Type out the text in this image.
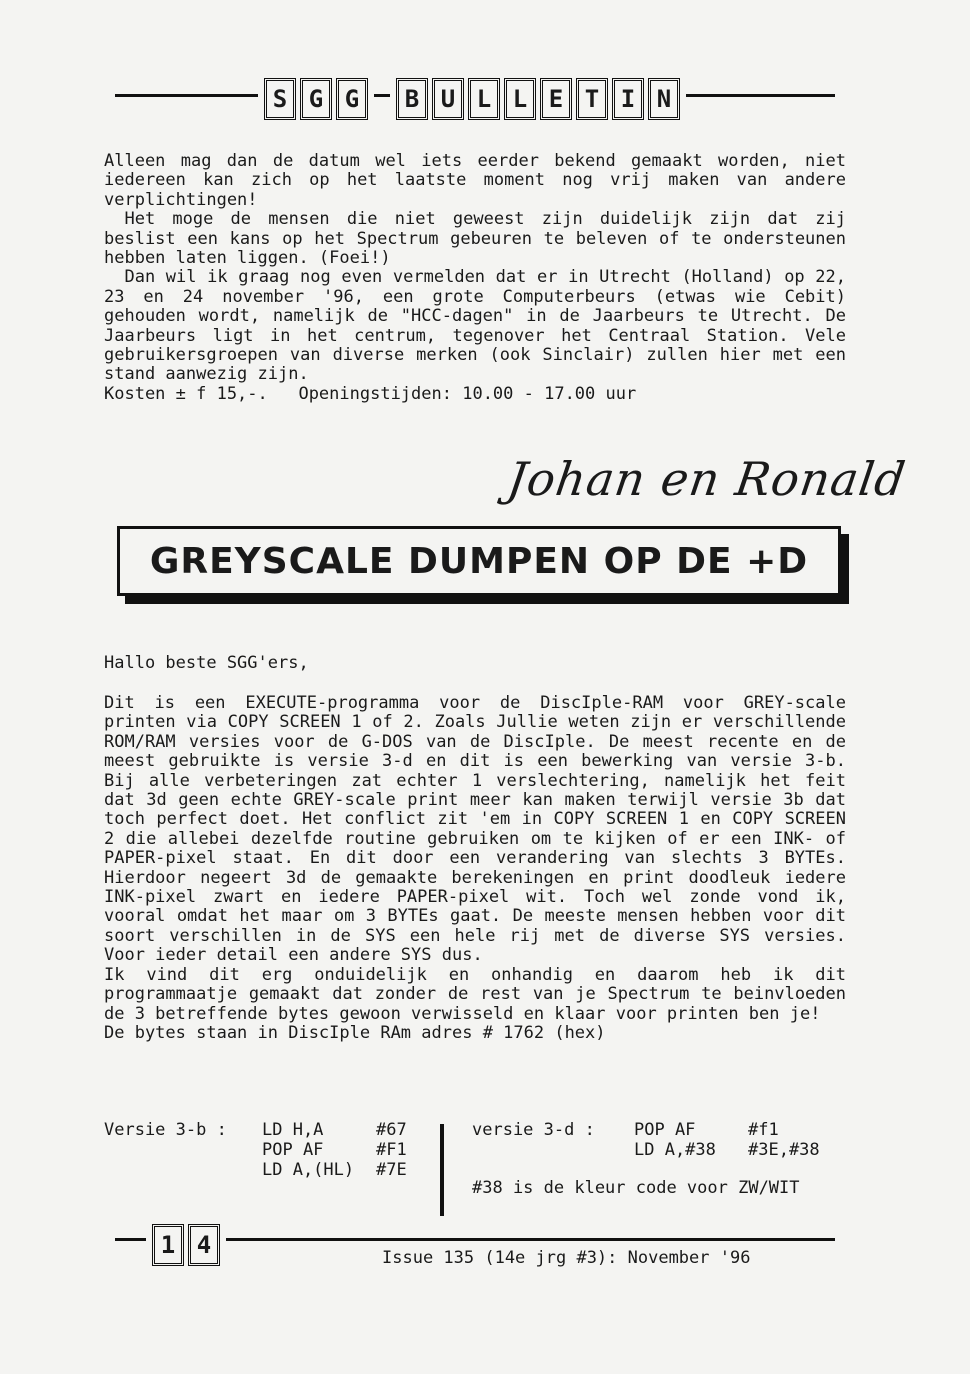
S G G	B U L L E T I N

Alleen mag dan de datum wel iets eerder bekend gemaakt worden, niet iedereen kan zich op het laatste moment nog vrij maken van andere verplichtingen!

Het moge de mensen die niet geweest zijn duidelijk zijn dat zij beslist een kans op het Spectrum gebeuren te beleven of te ondersteunen hebben laten liggen. (Foei!)

Dan wil ik graag nog even vermelden dat er in Utrecht (Holland) op 22, 23 en 24 november '96, een grote Computerbeurs (etwas wie Cebit) gehouden wordt, namelijk de "HCC-dagen" in de Jaarbeurs te Utrecht. De Jaarbeurs ligt in het centrum, tegenover het Centraal Station. Vele gebruikersgroepen van diverse merken (ook Sinclair) zullen hier met een stand aanwezig zijn.

Kosten ± f 15,-.   Openingstijden: 10.00 - 17.00 uur

Johan en Ronald
GREYSCALE DUMPEN OP DE +D

Hallo beste SGG'ers,

Dit is een EXECUTE-programma voor de DiscIple-RAM voor GREY-scale printen via COPY SCREEN 1 of 2. Zoals Jullie weten zijn er verschillende ROM/RAM versies voor de G-DOS van de DiscIple. De meest recente en de meest gebruikte is versie 3-d en dit is een bewerking van versie 3-b. Bij alle verbeteringen zat echter 1 verslechtering, namelijk het feit dat 3d geen echte GREY-scale print meer kan maken terwijl versie 3b dat toch perfect doet. Het conflict zit 'em in COPY SCREEN 1 en COPY SCREEN 2 die allebei dezelfde routine gebruiken om te kijken of er een INK- of PAPER-pixel staat. En dit door een verandering van slechts 3 BYTEs. Hierdoor negeert 3d de gemaakte berekeningen en print doodleuk iedere INK-pixel zwart en iedere PAPER-pixel wit. Toch wel zonde vond ik, vooral omdat het maar om 3 BYTEs gaat. De meeste mensen hebben voor dit soort verschillen in de SYS een hele rij met de diverse SYS versies. Voor ieder detail een andere SYS dus.

Ik vind dit erg onduidelijk en onhandig en daarom heb ik dit programmaatje gemaakt dat zonder de rest van je Spectrum te beinvloeden de 3 betreffende bytes gewoon verwisseld en klaar voor printen ben je!

De bytes staan in DiscIple RAm adres # 1762 (hex)

Versie 3-b : LD H,A	#67
POP AF	#F1
LD A,(HL) #7E
versie 3-d : POP AF	#f1
LD A,#38 #3E,#38
#38 is de kleur code voor ZW/WIT
1 4	Issue 135 (14e jrg #3): November '96
